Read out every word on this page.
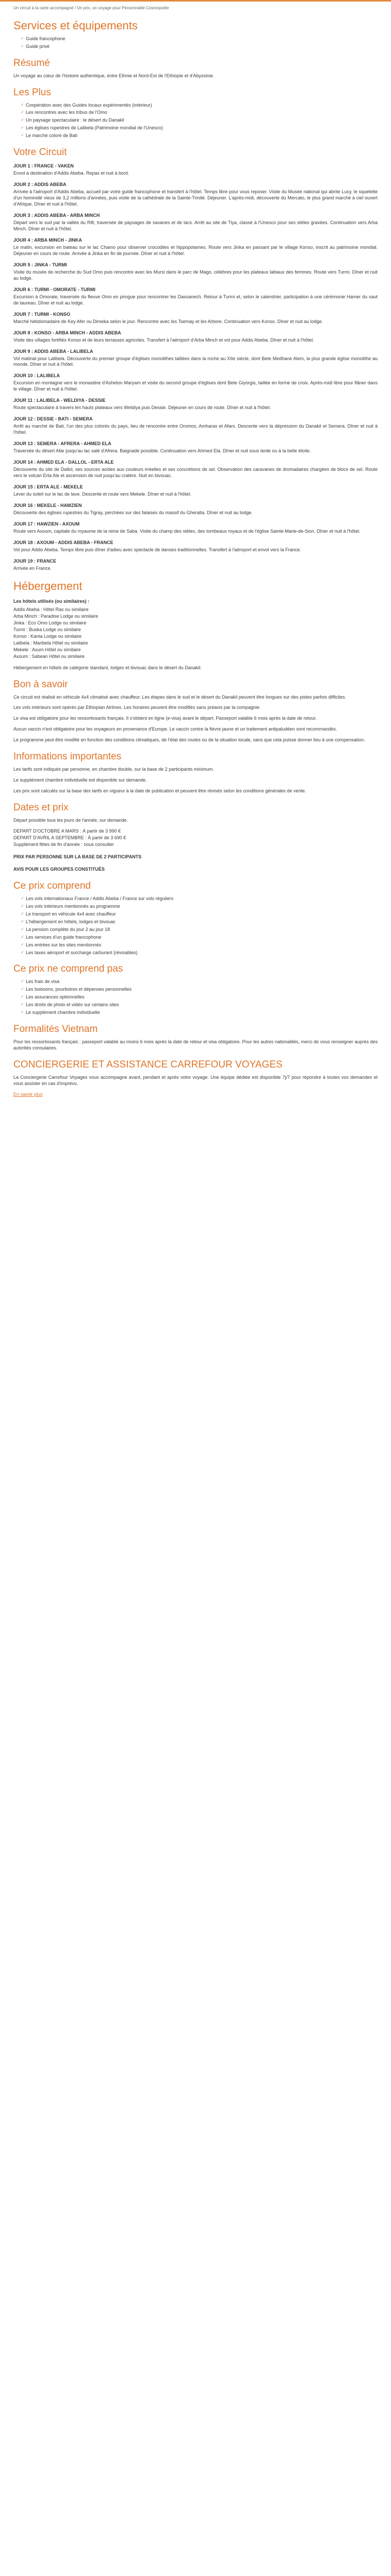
Un circuit à la carte accompagné / Un prix, un voyage pour Personnalité Cosmopolite
Services et équipements
✓ Guide francophone
✓ Guide privé
Résumé
Un voyage au cœur de l'histoire authentique, entre Ethnie et Nord-Est de l'Ethiopie et d'Abyssinie.
Les Plus
✓ Coopération avec des Guides locaux expérimentés (intérieur)
✓ Les rencontres avec les tribus de l'Omo
✓ Un paysage spectaculaire : le désert du Danakil
✓ Les églises rupestres de Lalibela (Patrimoine mondial de l'Unesco)
✓ Le marché coloré de Bati
Votre Circuit
JOUR 1 : FRANCE - VAKEN
Envol à destination d'Addis Abeba. Repas et nuit à bord.
JOUR 2 : ADDIS ABEBA
Arrivée à l'aéroport d'Addis Abeba, accueil par votre guide francophone et transfert à l'hôtel. Temps libre pour vous reposer. Visite du Musée national qui abrite Lucy, le squelette d'un hominidé vieux de 3,2 millions d'années, puis visite de la cathédrale de la Sainte-Trinité. Déjeuner. L'après-midi, découverte du Mercato, le plus grand marché à ciel ouvert d'Afrique. Dîner et nuit à l'hôtel.
JOUR 3 : ADDIS ABEBA - ARBA MINCH
Départ vers le sud par la vallée du Rift, traversée de paysages de savanes et de lacs. Arrêt au site de Tiya, classé à l'Unesco pour ses stèles gravées. Continuation vers Arba Minch. Dîner et nuit à l'hôtel.
JOUR 4 : ARBA MINCH - JINKA
Le matin, excursion en bateau sur le lac Chamo pour observer crocodiles et hippopotames. Route vers Jinka en passant par le village Konso, inscrit au patrimoine mondial. Déjeuner en cours de route. Arrivée à Jinka en fin de journée. Dîner et nuit à l'hôtel.
JOUR 5 : JINKA - TURMI
Visite du musée de recherche du Sud Omo puis rencontre avec les Mursi dans le parc de Mago, célèbres pour les plateaux labiaux des femmes. Route vers Turmi. Dîner et nuit au lodge.
JOUR 6 : TURMI - OMORATE - TURMI
Excursion à Omorate, traversée du fleuve Omo en pirogue pour rencontrer les Dassanech. Retour à Turmi et, selon le calendrier, participation à une cérémonie Hamer du saut de taureau. Dîner et nuit au lodge.
JOUR 7 : TURMI - KONSO
Marché hebdomadaire de Key Afer ou Dimeka selon le jour. Rencontre avec les Tsemay et les Arbore. Continuation vers Konso. Dîner et nuit au lodge.
JOUR 8 : KONSO - ARBA MINCH - ADDIS ABEBA
Visite des villages fortifiés Konso et de leurs terrasses agricoles. Transfert à l'aéroport d'Arba Minch et vol pour Addis Abeba. Dîner et nuit à l'hôtel.
JOUR 9 : ADDIS ABEBA - LALIBELA
Vol matinal pour Lalibela. Découverte du premier groupe d'églises monolithes taillées dans la roche au XIIe siècle, dont Bete Medhane Alem, la plus grande église monolithe au monde. Dîner et nuit à l'hôtel.
JOUR 10 : LALIBELA
Excursion en montagne vers le monastère d'Asheton Maryam et visite du second groupe d'églises dont Bete Giyorgis, taillée en forme de croix. Après-midi libre pour flâner dans le village. Dîner et nuit à l'hôtel.
JOUR 11 : LALIBELA - WELDIYA - DESSIE
Route spectaculaire à travers les hauts plateaux vers Weldiya puis Dessie. Déjeuner en cours de route. Dîner et nuit à l'hôtel.
JOUR 12 : DESSIE - BATI - SEMERA
Arrêt au marché de Bati, l'un des plus colorés du pays, lieu de rencontre entre Oromos, Amharas et Afars. Descente vers la dépression du Danakil et Semera. Dîner et nuit à l'hôtel.
JOUR 13 : SEMERA - AFRERA - AHMED ELA
Traversée du désert Afar jusqu'au lac salé d'Afrera. Baignade possible. Continuation vers Ahmed Ela. Dîner et nuit sous tente ou à la belle étoile.
JOUR 14 : AHMED ELA - DALLOL - ERTA ALE
Découverte du site de Dallol, ses sources acides aux couleurs irréelles et ses concrétions de sel. Observation des caravanes de dromadaires chargées de blocs de sel. Route vers le volcan Erta Ale et ascension de nuit jusqu'au cratère. Nuit en bivouac.
JOUR 15 : ERTA ALE - MEKELE
Lever du soleil sur le lac de lave. Descente et route vers Mekele. Dîner et nuit à l'hôtel.
JOUR 16 : MEKELE - HAWZIEN
Découverte des églises rupestres du Tigray, perchées sur des falaises du massif du Gheralta. Dîner et nuit au lodge.
JOUR 17 : HAWZIEN - AXOUM
Route vers Axoum, capitale du royaume de la reine de Saba. Visite du champ des stèles, des tombeaux royaux et de l'église Sainte-Marie-de-Sion. Dîner et nuit à l'hôtel.
JOUR 18 : AXOUM - ADDIS ABEBA - FRANCE
Vol pour Addis Abeba. Temps libre puis dîner d'adieu avec spectacle de danses traditionnelles. Transfert à l'aéroport et envol vers la France.
JOUR 19 : FRANCE
Arrivée en France.
Hébergement
Les hôtels utilisés (ou similaires) :
Addis Abeba : Hôtel Ras ou similaire
Arba Minch : Paradise Lodge ou similaire
Jinka : Eco Omo Lodge ou similaire
Turmi : Buska Lodge ou similaire
Konso : Kanta Lodge ou similaire
Lalibela : Maribela Hôtel ou similaire
Mekele : Axum Hôtel ou similaire
Axoum : Sabean Hôtel ou similaire
Hébergement en hôtels de catégorie standard, lodges et bivouac dans le désert du Danakil.
Bon à savoir
Ce circuit est réalisé en véhicule 4x4 climatisé avec chauffeur. Les étapes dans le sud et le désert du Danakil peuvent être longues sur des pistes parfois difficiles.
Les vols intérieurs sont opérés par Ethiopian Airlines. Les horaires peuvent être modifiés sans préavis par la compagnie.
Le visa est obligatoire pour les ressortissants français. Il s'obtient en ligne (e-visa) avant le départ. Passeport valable 6 mois après la date de retour.
Aucun vaccin n'est obligatoire pour les voyageurs en provenance d'Europe. Le vaccin contre la fièvre jaune et un traitement antipaludéen sont recommandés.
Le programme peut être modifié en fonction des conditions climatiques, de l'état des routes ou de la situation locale, sans que cela puisse donner lieu à une compensation.
Informations importantes
Les tarifs sont indiqués par personne, en chambre double, sur la base de 2 participants minimum.
Le supplément chambre individuelle est disponible sur demande.
Les prix sont calculés sur la base des tarifs en vigueur à la date de publication et peuvent être révisés selon les conditions générales de vente.
Dates et prix
Départ possible tous les jours de l'année, sur demande.
DEPART D'OCTOBRE A MARS : À partir de 3 990 €
DEPART D'AVRIL A SEPTEMBRE : À partir de 3 690 €
Supplément fêtes de fin d'année : nous consulter
PRIX PAR PERSONNE SUR LA BASE DE 2 PARTICIPANTS
AVIS POUR LES GROUPES CONSTITUÉS
Ce prix comprend
✓ Les vols internationaux France / Addis Abeba / France sur vols réguliers
✓ Les vols intérieurs mentionnés au programme
✓ Le transport en véhicule 4x4 avec chauffeur
✓ L'hébergement en hôtels, lodges et bivouac
✓ La pension complète du jour 2 au jour 18
✓ Les services d'un guide francophone
✓ Les entrées sur les sites mentionnés
✓ Les taxes aéroport et surcharge carburant (révisables)
Ce prix ne comprend pas
✓ Les frais de visa
✓ Les boissons, pourboires et dépenses personnelles
✓ Les assurances optionnelles
✓ Les droits de photo et vidéo sur certains sites
✓ Le supplément chambre individuelle
Formalités Vietnam
Pour les ressortissants français : passeport valable au moins 6 mois après la date de retour et visa obligatoire. Pour les autres nationalités, merci de vous renseigner auprès des autorités consulaires.
CONCIERGERIE ET ASSISTANCE CARREFOUR VOYAGES
La Conciergerie Carrefour Voyages vous accompagne avant, pendant et après votre voyage. Une équipe dédiée est disponible 7j/7 pour répondre à toutes vos demandes et vous assister en cas d'imprévu.
En savoir plus
